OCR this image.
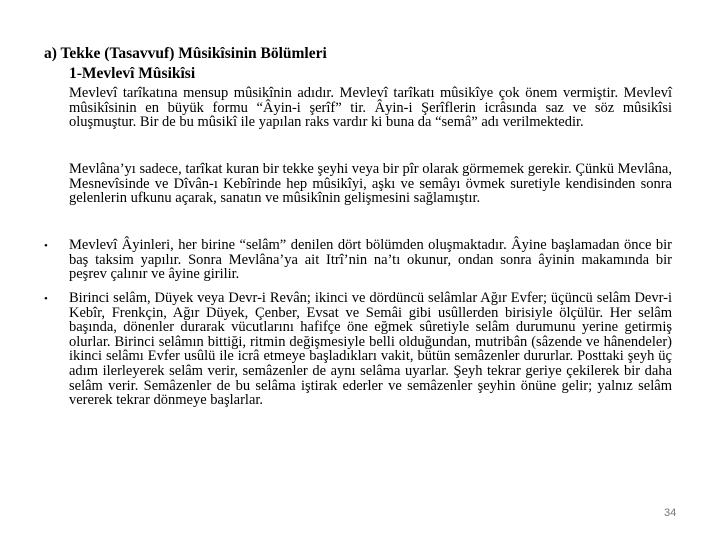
a) Tekke (Tasavvuf) Mûsikîsinin Bölümleri

1-Mevlevî Mûsikîsi

Mevlevî tarîkatına mensup mûsikînin adıdır. Mevlevî tarîkatı mûsikîye çok önem vermiştir. Mevlevî mûsikîsinin en büyük formu “Âyin-i şerîf” tir. Âyin-i Şerîflerin icrâsında saz ve söz mûsikîsi oluşmuştur. Bir de bu mûsikî ile yapılan raks vardır ki buna da “semâ” adı verilmektedir.

Mevlâna’yı sadece, tarîkat kuran bir tekke şeyhi veya bir pîr olarak görmemek gerekir. Çünkü Mevlâna, Mesnevîsinde ve Dîvân-ı Kebîrinde hep mûsikîyi, aşkı ve semâyı övmek suretiyle kendisinden sonra gelenlerin ufkunu açarak, sanatın ve mûsikînin gelişmesini sağlamıştır.

• Mevlevî Âyinleri, her birine “selâm” denilen dört bölümden oluşmaktadır. Âyine başlamadan önce bir baş taksim yapılır. Sonra Mevlâna’ya ait Itrî’nin na’tı okunur, ondan sonra âyinin makamında bir peşrev çalınır ve âyine girilir.

• Birinci selâm, Düyek veya Devr-i Revân; ikinci ve dördüncü selâmlar Ağır Evfer; üçüncü selâm Devr-i Kebîr, Frenkçin, Ağır Düyek, Çenber, Evsat ve Semâi gibi usûllerden birisiyle ölçülür. Her selâm başında, dönenler durarak vücutlarını hafifçe öne eğmek sûretiyle selâm durumunu yerine getirmiş olurlar. Birinci selâmın bittiği, ritmin değişmesiyle belli olduğundan, mutribân (sâzende ve hânendeler) ikinci selâmı Evfer usûlü ile icrâ etmeye başladıkları vakit, bütün semâzenler dururlar. Posttaki şeyh üç adım ilerleyerek selâm verir, semâzenler de aynı selâma uyarlar. Şeyh tekrar geriye çekilerek bir daha selâm verir. Semâzenler de bu selâma iştirak ederler ve semâzenler şeyhin önüne gelir; yalnız selâm vererek tekrar dönmeye başlarlar.

34
